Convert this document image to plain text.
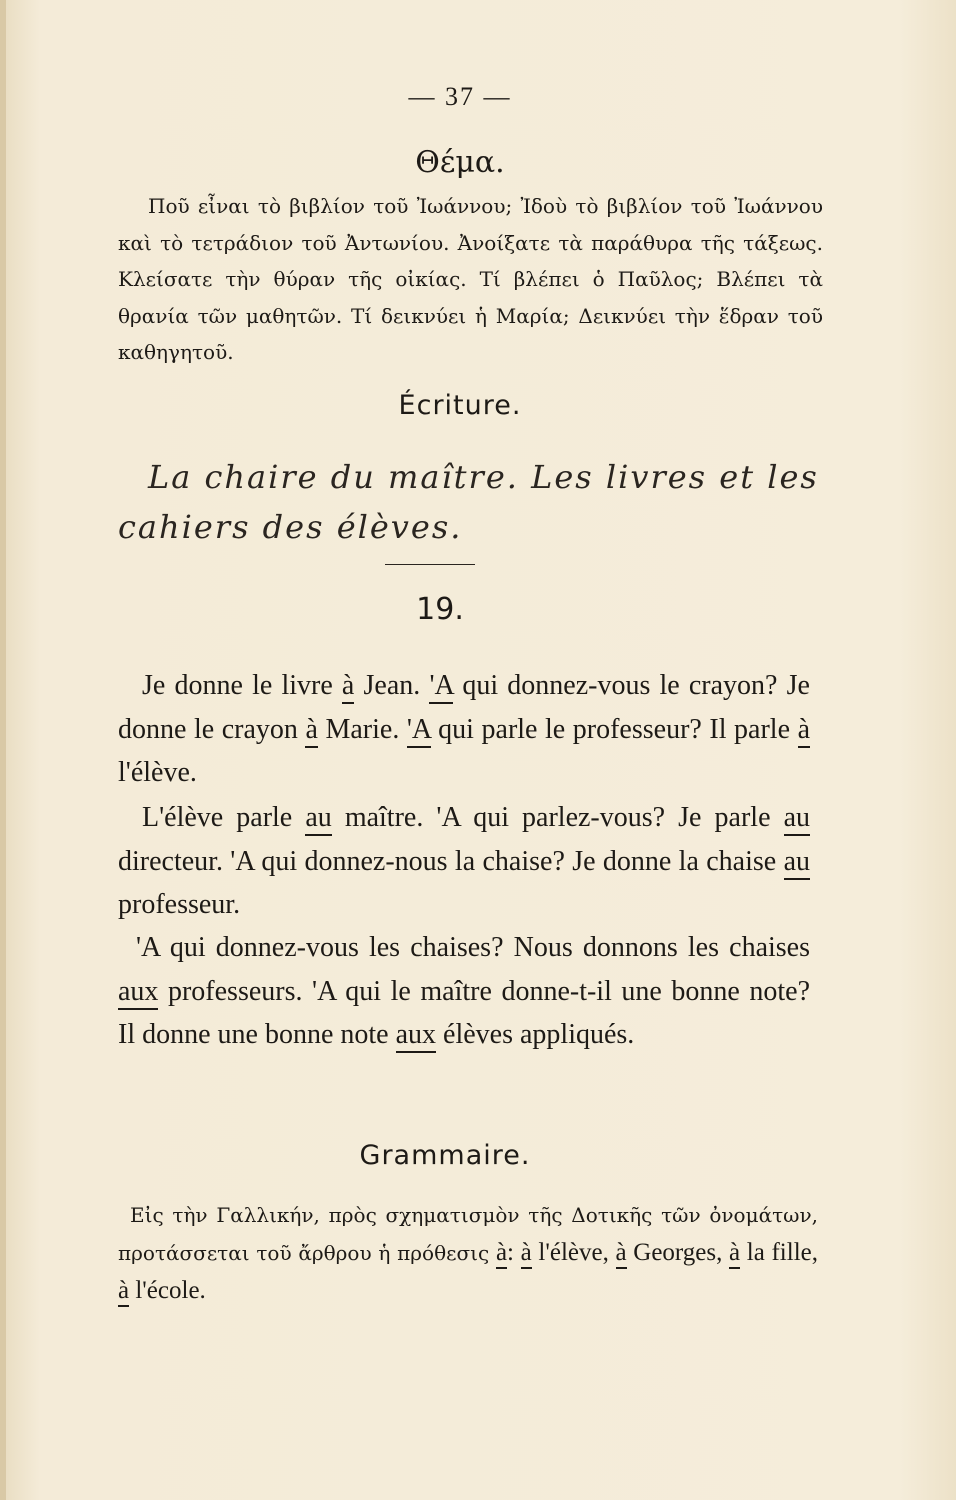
— 37 —
Θέμα.
Ποῦ εἶναι τὸ βιβλίον τοῦ Ἰωάννου; Ἰδοὺ τὸ βιβλίον τοῦ Ἰωάννου καὶ τὸ τετράδιον τοῦ Ἀντωνίου. Ἀνοίξατε τὰ παράθυρα τῆς τάξεως. Κλείσατε τὴν θύραν τῆς οἰκίας. Τί βλέπει ὁ Παῦλος; Βλέπει τὰ θρανία τῶν μαθητῶν. Τί δεικνύει ἡ Μαρία; Δεικνύει τὴν ἕδραν τοῦ καθηγητοῦ.
Écriture.
La chaire du maître. Les livres et les cahiers des élèves.
19.
Je donne le livre à Jean. 'A qui donnez-vous le crayon? Je donne le crayon à Marie. 'A qui parle le professeur? Il parle à l'élève.
L'élève parle au maître. 'A qui parlez-vous? Je parle au directeur. 'A qui donnez-nous la chaise? Je donne la chaise au professeur.
'A qui donnez-vous les chaises? Nous donnons les chaises aux professeurs. 'A qui le maître donne-t-il une bonne note? Il donne une bonne note aux élèves appliqués.
Grammaire.
Εἰς τὴν Γαλλικήν, πρὸς σχηματισμὸν τῆς Δοτικῆς τῶν ὀνομάτων, προτάσσεται τοῦ ἄρθρου ἡ πρόθεσις à: à l'élève, à Georges, à la fille, à l'école.
